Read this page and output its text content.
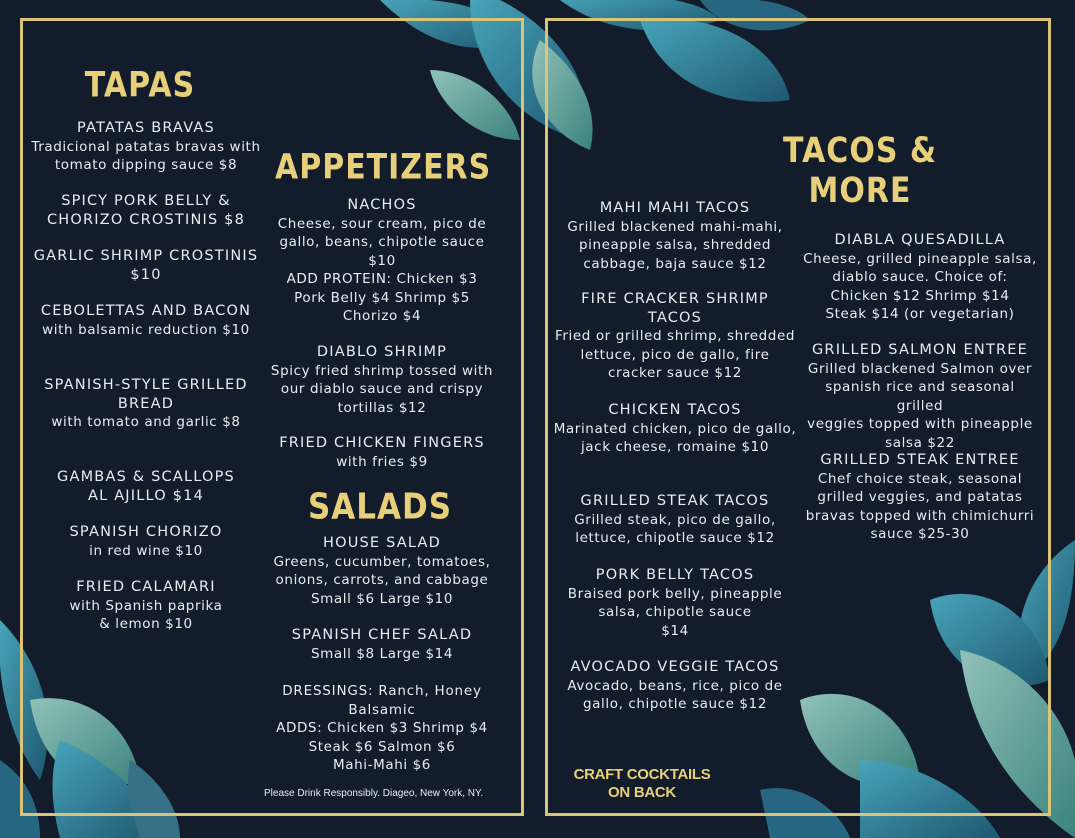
TAPAS
PATATAS BRAVAS
Tradicional patatas bravas with
tomato dipping sauce $8
SPICY PORK BELLY &
CHORIZO CROSTINIS $8
GARLIC SHRIMP CROSTINIS
$10
CEBOLETTAS AND BACON
with balsamic reduction $10
SPANISH-STYLE GRILLED
BREAD
with tomato and garlic $8
GAMBAS & SCALLOPS
AL AJILLO $14
SPANISH CHORIZO
in red wine $10
FRIED CALAMARI
with Spanish paprika
& lemon $10
APPETIZERS
NACHOS
Cheese, sour cream, pico de
gallo, beans, chipotle sauce
$10
ADD PROTEIN: Chicken $3
Pork Belly $4 Shrimp $5
Chorizo $4
DIABLO SHRIMP
Spicy fried shrimp tossed with
our diablo sauce and crispy
tortillas $12
FRIED CHICKEN FINGERS
with fries $9
SALADS
HOUSE SALAD
Greens, cucumber, tomatoes,
onions, carrots, and cabbage
Small $6 Large $10
SPANISH CHEF SALAD
Small $8 Large $14
DRESSINGS: Ranch, Honey
Balsamic
ADDS: Chicken $3 Shrimp $4
Steak $6 Salmon $6
Mahi-Mahi $6
Please Drink Responsibly. Diageo, New York, NY.
TACOS & MORE
MAHI MAHI TACOS
Grilled blackened mahi-mahi,
pineapple salsa, shredded
cabbage, baja sauce $12
FIRE CRACKER SHRIMP
TACOS
Fried or grilled shrimp, shredded
lettuce, pico de gallo, fire
cracker sauce $12
CHICKEN TACOS
Marinated chicken, pico de gallo,
jack cheese, romaine $10
GRILLED STEAK TACOS
Grilled steak, pico de gallo,
lettuce, chipotle sauce $12
PORK BELLY TACOS
Braised pork belly, pineapple
salsa, chipotle sauce
$14
AVOCADO VEGGIE TACOS
Avocado, beans, rice, pico de
gallo, chipotle sauce $12
DIABLA QUESADILLA
Cheese, grilled pineapple salsa,
diablo sauce. Choice of:
Chicken $12 Shrimp $14
Steak $14 (or vegetarian)
GRILLED SALMON ENTREE
Grilled blackened Salmon over
spanish rice and seasonal grilled
veggies topped with pineapple
salsa $22
GRILLED STEAK ENTREE
Chef choice steak, seasonal
grilled veggies, and patatas
bravas topped with chimichurri
sauce $25-30
CRAFT COCKTAILS
ON BACK
